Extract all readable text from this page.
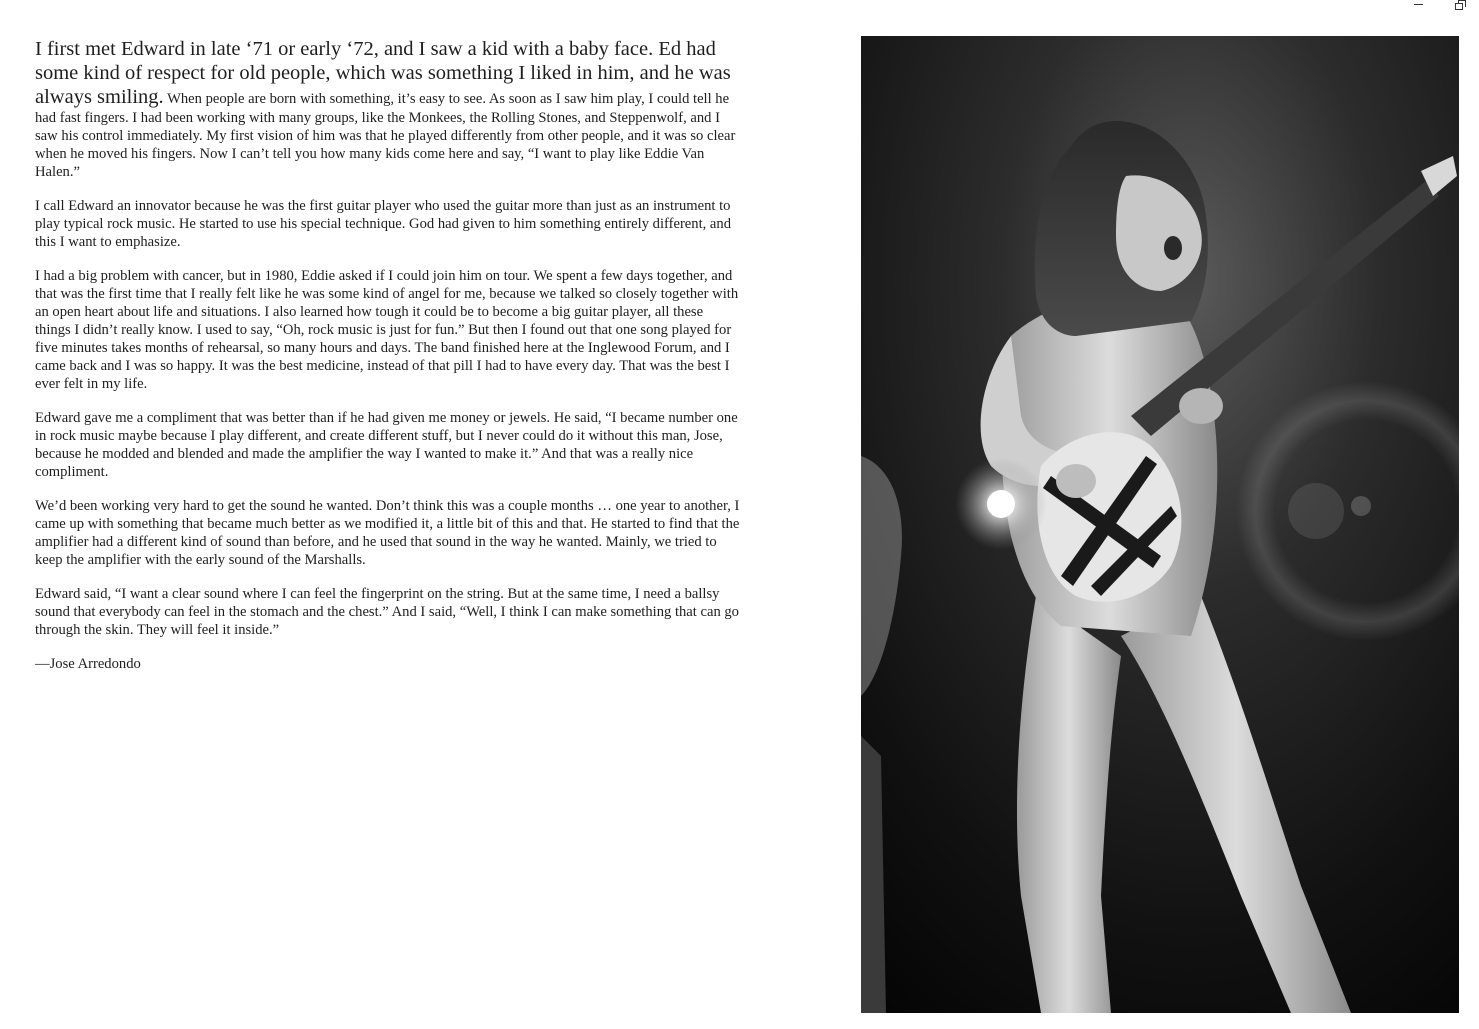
I first met Edward in late ‘71 or early ‘72, and I saw a kid with a baby face. Ed had some kind of respect for old people, which was something I liked in him, and he was always smiling. When people are born with something, it’s easy to see. As soon as I saw him play, I could tell he had fast fingers. I had been working with many groups, like the Monkees, the Rolling Stones, and Steppenwolf, and I saw his control immediately. My first vision of him was that he played differently from other people, and it was so clear when he moved his fingers. Now I can’t tell you how many kids come here and say, “I want to play like Eddie Van Halen.”

I call Edward an innovator because he was the first guitar player who used the guitar more than just as an instrument to play typical rock music. He started to use his special technique. God had given to him something entirely different, and this I want to emphasize.

I had a big problem with cancer, but in 1980, Eddie asked if I could join him on tour. We spent a few days together, and that was the first time that I really felt like he was some kind of angel for me, because we talked so closely together with an open heart about life and situations. I also learned how tough it could be to become a big guitar player, all these things I didn’t really know. I used to say, “Oh, rock music is just for fun.” But then I found out that one song played for five minutes takes months of rehearsal, so many hours and days. The band finished here at the Inglewood Forum, and I came back and I was so happy. It was the best medicine, instead of that pill I had to have every day. That was the best I ever felt in my life.

Edward gave me a compliment that was better than if he had given me money or jewels. He said, “I became number one in rock music maybe because I play different, and create different stuff, but I never could do it without this man, Jose, because he modded and blended and made the amplifier the way I wanted to make it.” And that was a really nice compliment.

We’d been working very hard to get the sound he wanted. Don’t think this was a couple months … one year to another, I came up with something that became much better as we modified it, a little bit of this and that. He started to find that the amplifier had a different kind of sound than before, and he used that sound in the way he wanted. Mainly, we tried to keep the amplifier with the early sound of the Marshalls.

Edward said, “I want a clear sound where I can feel the fingerprint on the string. But at the same time, I need a ballsy sound that everybody can feel in the stomach and the chest.” And I said, “Well, I think I can make something that can go through the skin. They will feel it inside.”

—Jose Arredondo
